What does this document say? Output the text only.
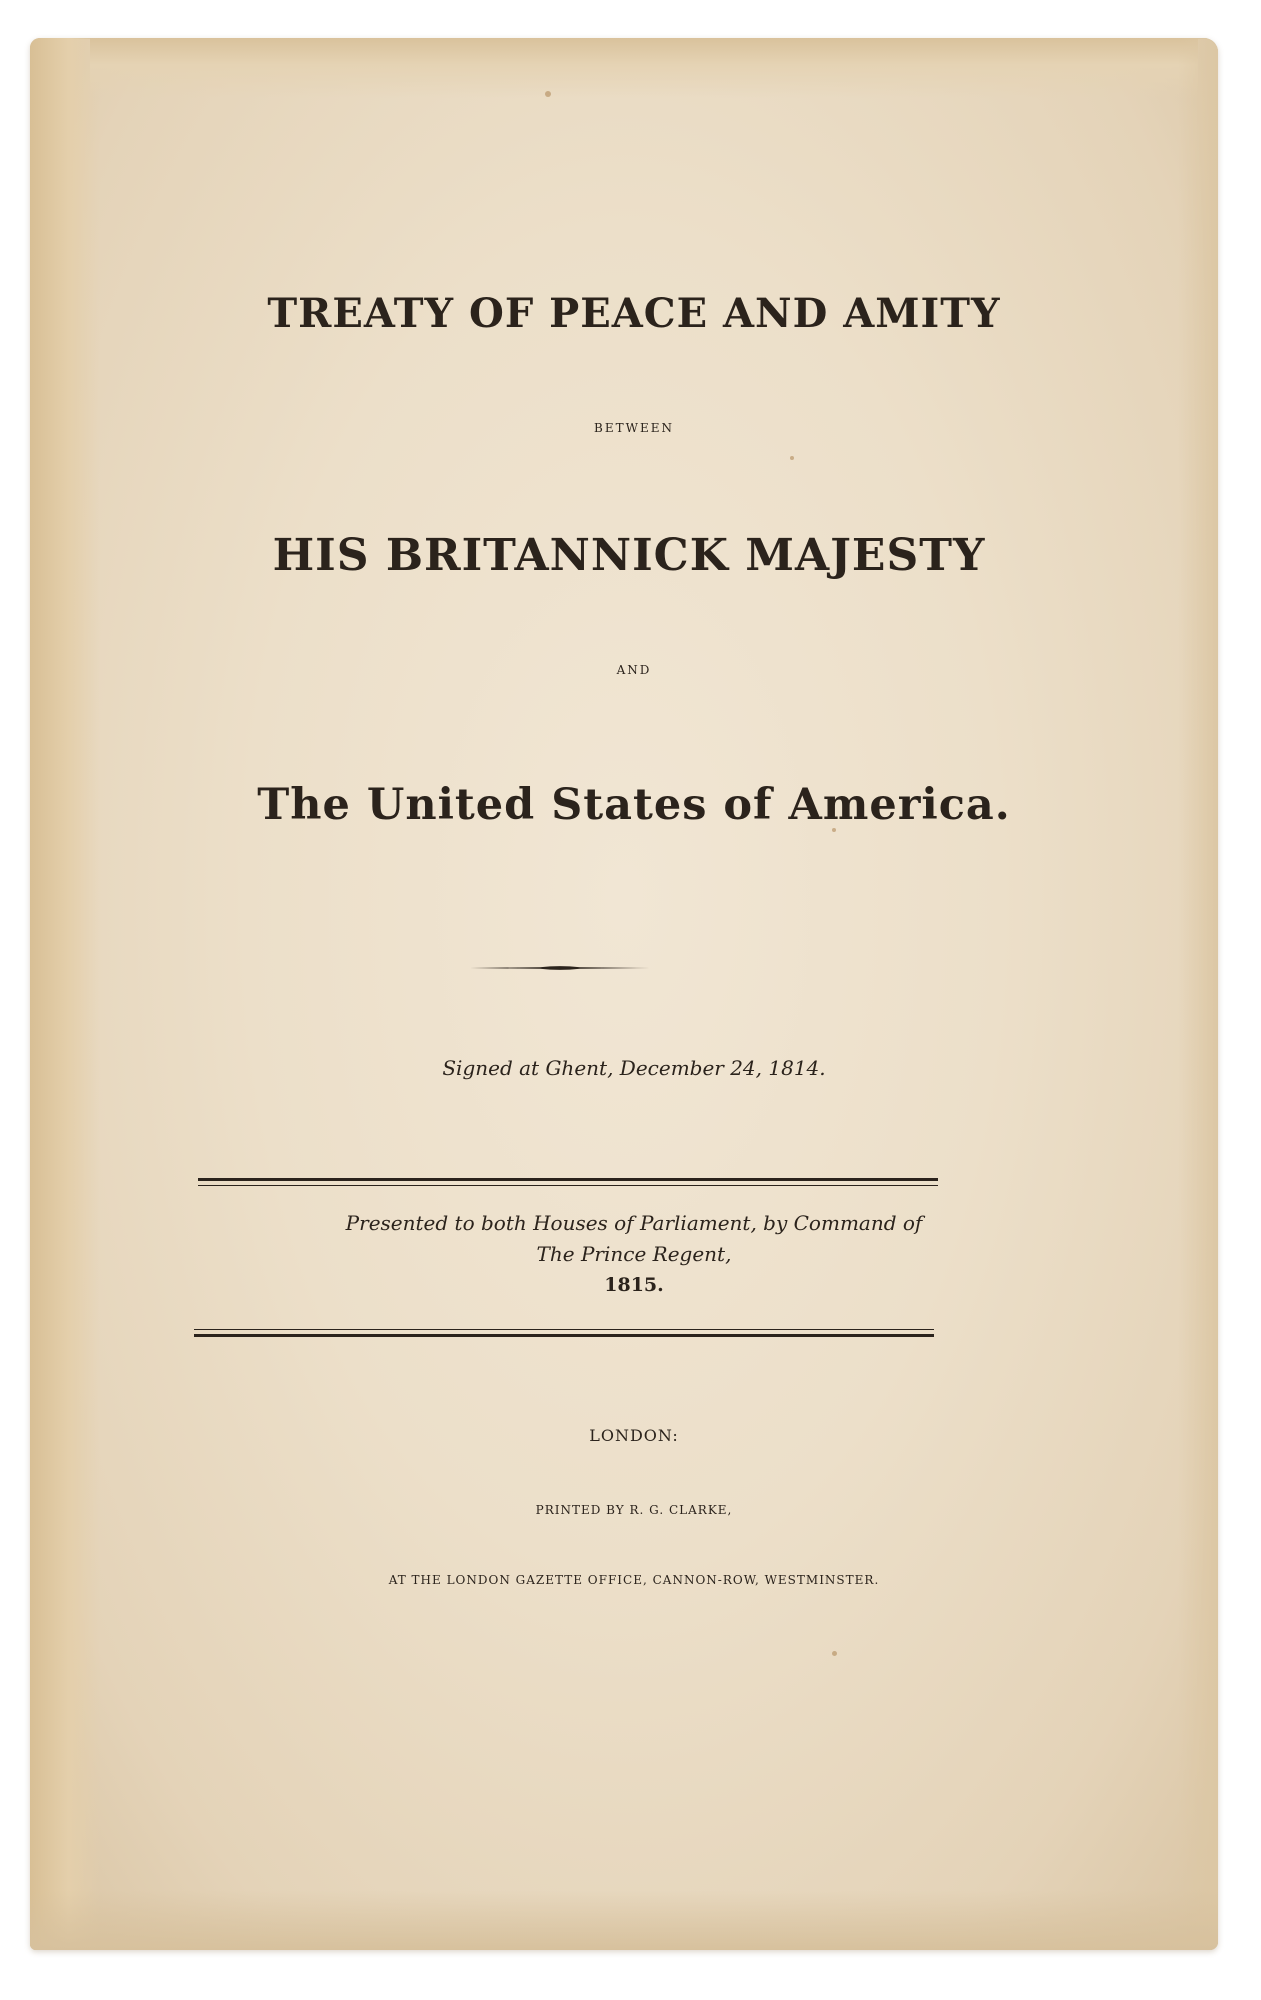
TREATY OF PEACE AND AMITY
BETWEEN
HIS BRITANNICK MAJESTY
AND
The United States of America.
Signed at Ghent, December 24, 1814.
Presented to both Houses of Parliament, by Command of
The Prince Regent,
1815.
LONDON:
PRINTED BY R. G. CLARKE,
AT THE LONDON GAZETTE OFFICE, CANNON-ROW, WESTMINSTER.
